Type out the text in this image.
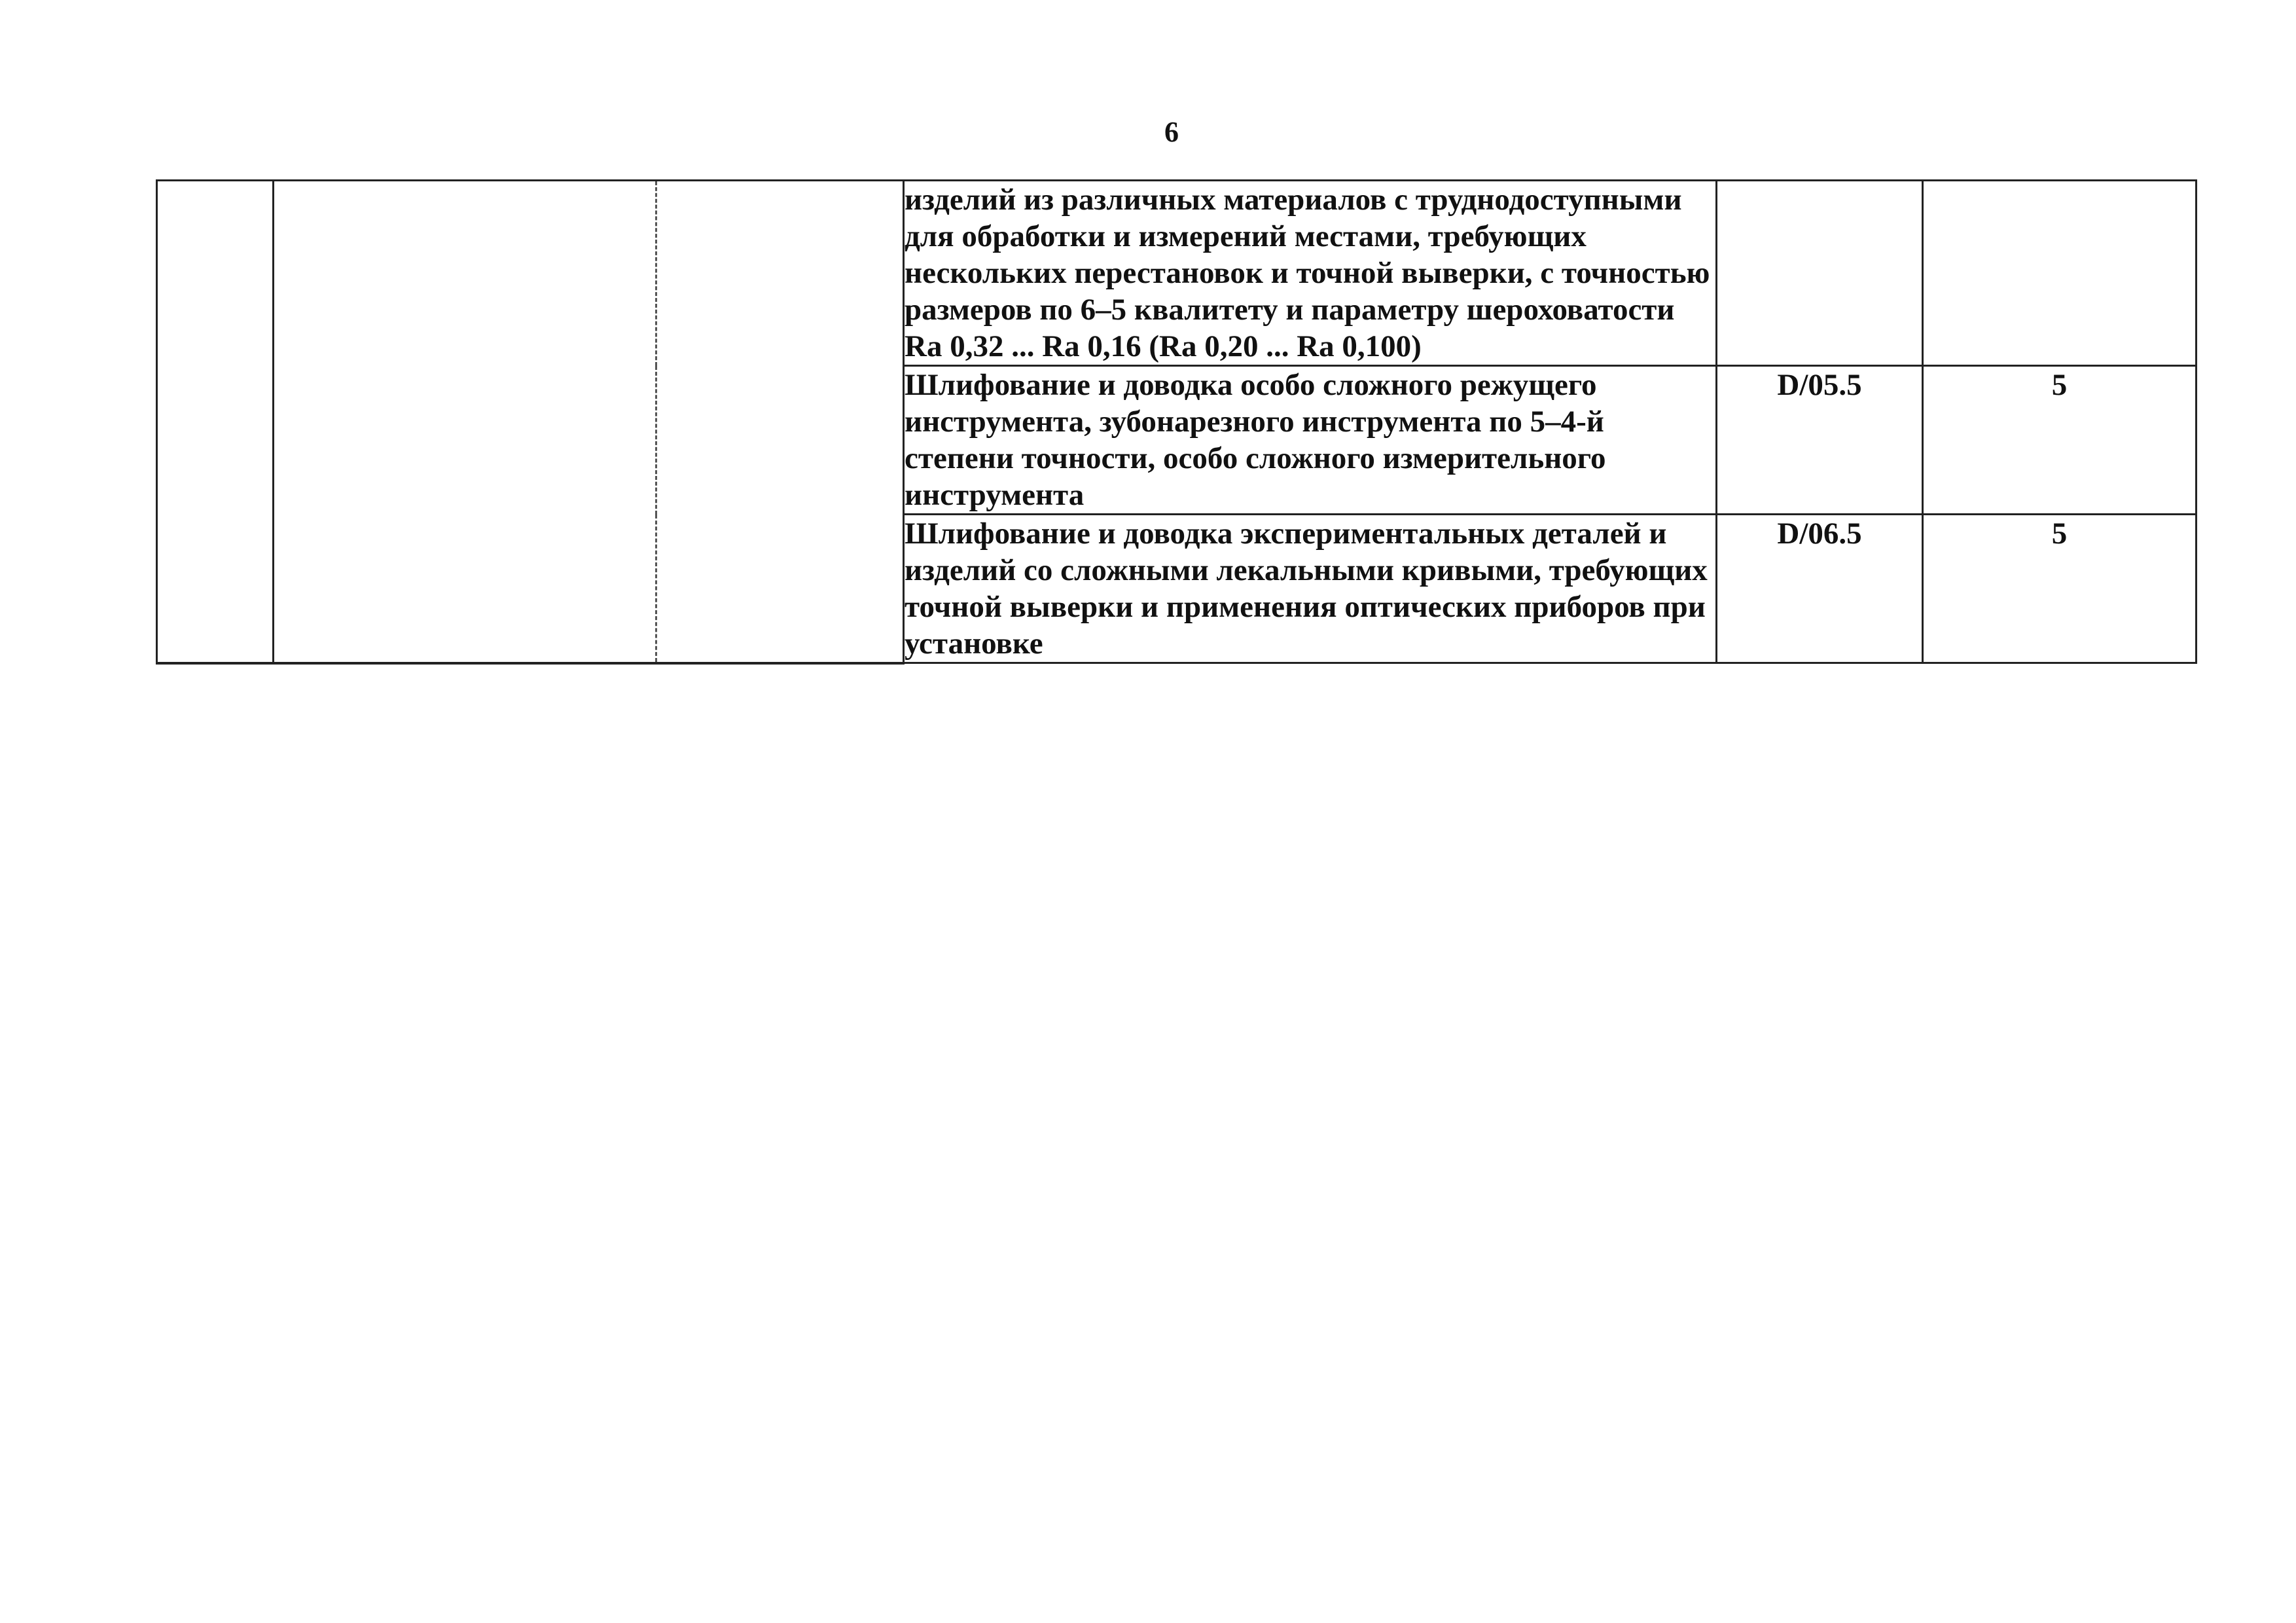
6
			изделий из различных материалов с труднодоступными для обработки и измерений местами, требующих нескольких перестановок и точной выверки, с точностью размеров по 6–5 квалитету и параметру шероховатости Ra 0,32 ... Ra 0,16 (Ra 0,20 ... Ra 0,100)		
			Шлифование и доводка особо сложного режущего инструмента, зубонарезного инструмента по 5–4-й степени точности, особо сложного измерительного инструмента	D/05.5	5
			Шлифование и доводка экспериментальных деталей и изделий со сложными лекальными кривыми, требующих точной выверки и применения оптических приборов при установке	D/06.5	5
